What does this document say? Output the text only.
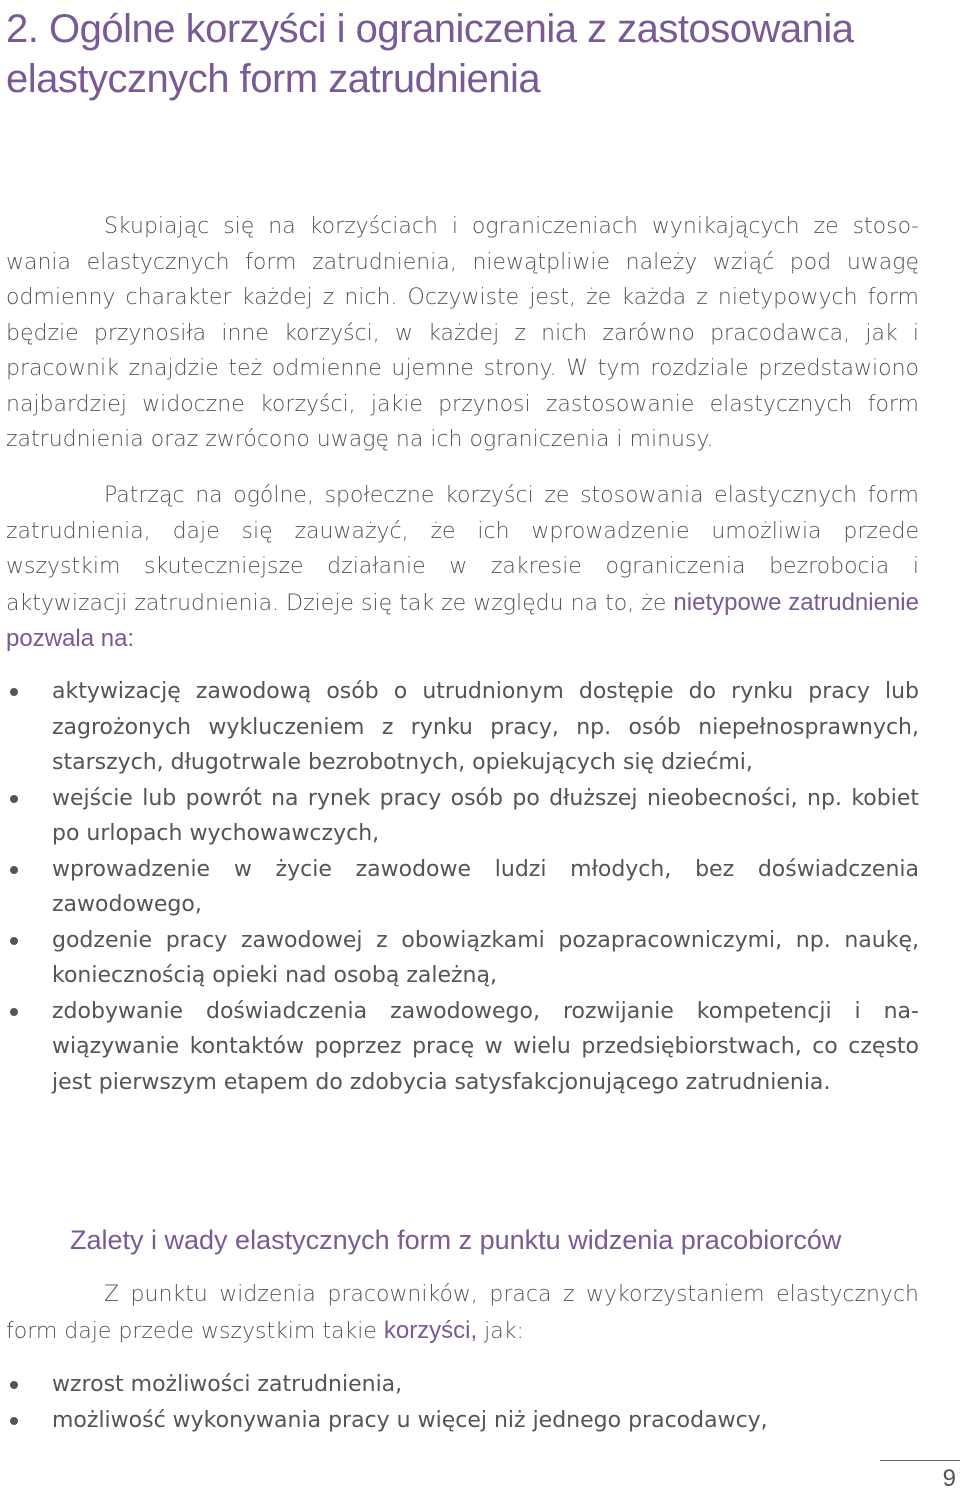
2. Ogólne korzyści i ograniczenia z zastosowania elastycznych form zatrudnienia

Skupiając się na korzyściach i ograniczeniach wynikających ze stosowania elastycznych form zatrudnienia, niewątpliwie należy wziąć pod uwagę odmienny charakter każdej z nich. Oczywiste jest, że każda z nietypowych form będzie przynosiła inne korzyści, w każdej z nich zarówno pracodawca, jak i pracownik znajdzie też odmienne ujemne strony. W tym rozdziale przedstawiono najbardziej widoczne korzyści, jakie przynosi zastosowanie elastycznych form zatrudnienia oraz zwrócono uwagę na ich ograniczenia i minusy.

Patrząc na ogólne, społeczne korzyści ze stosowania elastycznych form zatrudnienia, daje się zauważyć, że ich wprowadzenie umożliwia przede wszystkim skuteczniejsze działanie w zakresie ograniczenia bezrobocia i aktywizacji zatrudnienia. Dzieje się tak ze względu na to, że nietypowe zatrudnienie pozwala na:

aktywizację zawodową osób o utrudnionym dostępie do rynku pracy lub zagrożonych wykluczeniem z rynku pracy, np. osób niepełnosprawnych, starszych, długotrwale bezrobotnych, opiekujących się dziećmi,
wejście lub powrót na rynek pracy osób po dłuższej nieobecności, np. kobiet po urlopach wychowawczych,
wprowadzenie w życie zawodowe ludzi młodych, bez doświadczenia zawodowego,
godzenie pracy zawodowej z obowiązkami pozapracowniczymi, np. naukę, koniecznością opieki nad osobą zależną,
zdobywanie doświadczenia zawodowego, rozwijanie kompetencji i nawiązywanie kontaktów poprzez pracę w wielu przedsiębiorstwach, co często jest pierwszym etapem do zdobycia satysfakcjonującego zatrudnienia.
Zalety i wady elastycznych form z punktu widzenia pracobiorców

Z punktu widzenia pracowników, praca z wykorzystaniem elastycznych form daje przede wszystkim takie korzyści, jak:

wzrost możliwości zatrudnienia,
możliwość wykonywania pracy u więcej niż jednego pracodawcy,
9
